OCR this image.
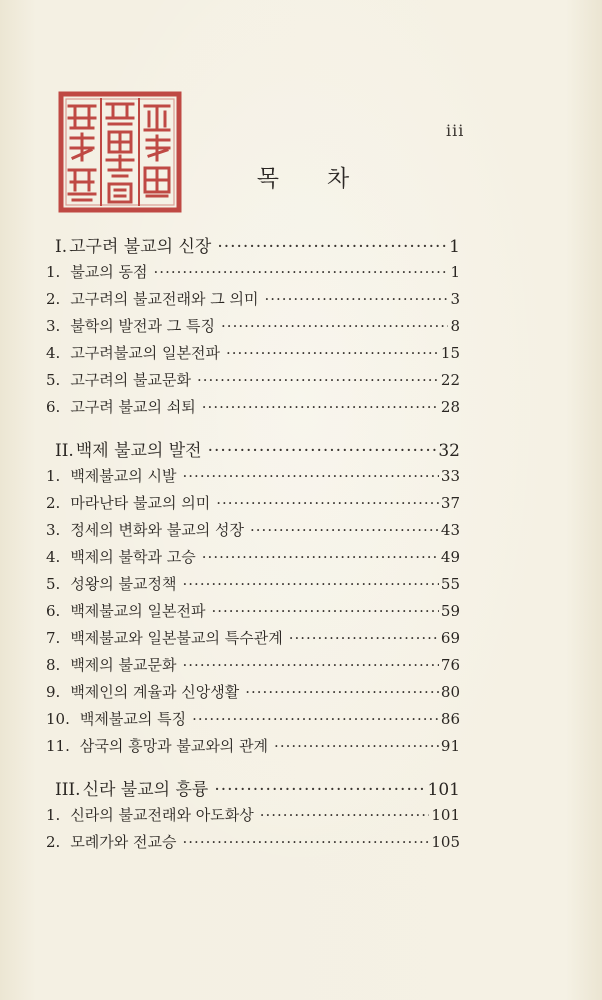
iii
목 차
I. 고구려 불교의 신장 ·····	1
1. 불교의 동점 ·····	1
2. 고구려의 불교전래와 그 의미 ·····	3
3. 불학의 발전과 그 특징 ·····	8
4. 고구려불교의 일본전파 ·····	15
5. 고구려의 불교문화 ·····	22
6. 고구려 불교의 쇠퇴 ·····	28
II. 백제 불교의 발전 ·····	32
1. 백제불교의 시발 ·····	33
2. 마라난타 불교의 의미 ·····	37
3. 정세의 변화와 불교의 성장 ·····	43
4. 백제의 불학과 고승 ·····	49
5. 성왕의 불교정책 ·····	55
6. 백제불교의 일본전파 ·····	59
7. 백제불교와 일본불교의 특수관계 ·····	69
8. 백제의 불교문화 ·····	76
9. 백제인의 계율과 신앙생활 ·····	80
10. 백제불교의 특징 ·····	86
11. 삼국의 흥망과 불교와의 관계 ·····	91
III. 신라 불교의 흥륭 ·····	101
1. 신라의 불교전래와 아도화상 ·····	101
2. 모례가와 전교승 ·····	105
